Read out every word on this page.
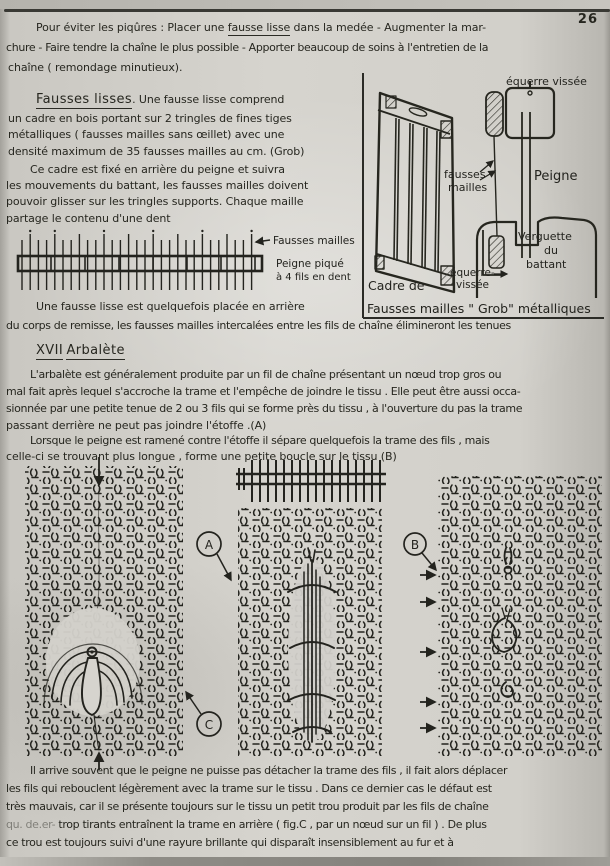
26
Pour éviter les piqûres : Placer une fausse lisse dans la medée - Augmenter la mar-
chure - Faire tendre la chaîne le plus possible - Apporter beaucoup de soins à l'entretien de la
chaîne ( remondage minutieux).
Fausses lisses. Une fausse lisse comprend
un cadre en bois portant sur 2 tringles de fines tiges
métalliques ( fausses mailles sans œillet) avec une
densité maximum de 35 fausses mailles au cm. (Grob)
Ce cadre est fixé en arrière du peigne et suivra
les mouvements du battant, les fausses mailles doivent
pouvoir glisser sur les tringles supports. Chaque maille
partage le contenu d'une dent
Fausses mailles
Peigne piqué
à 4 fils en dent
Une fausse lisse est quelquefois placée en arrière
du corps de remisse, les fausses mailles intercalées entre les fils de chaîne élimineront les tenues
équerre vissée
fausses
mailles
Peigne
Verguette
du
battant
équerre-
vissée
Cadre de
Fausses mailles " Grob" métalliques
XVII Arbalète
L'arbalète est généralement produite par un fil de chaîne présentant un nœud trop gros ou
mal fait après lequel s'accroche la trame et l'empêche de joindre le tissu . Elle peut être aussi occa-
sionnée par une petite tenue de 2 ou 3 fils qui se forme près du tissu , à l'ouverture du pas la trame
passant derrière ne peut pas joindre l'étoffe .(A)
Lorsque le peigne est ramené contre l'étoffe il sépare quelquefois la trame des fils , mais
celle-ci se trouvant plus longue , forme une petite boucle sur le tissu (B)
A	B
C
Il arrive souvent que le peigne ne puisse pas détacher la trame des fils , il fait alors déplacer
les fils qui rebouclent légèrement avec la trame sur le tissu . Dans ce dernier cas le défaut est
très mauvais, car il se présente toujours sur le tissu un petit trou produit par les fils de chaîne
qu. de.er- trop tirants entraînent la trame en arrière ( fig.C , par un nœud sur un fil ) . De plus
ce trou est toujours suivi d'une rayure brillante qui disparaît insensiblement au fur et à
